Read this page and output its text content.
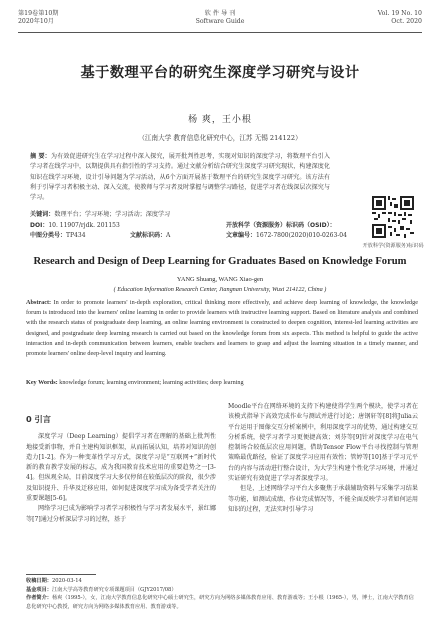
第19卷第10期
2020年10月
软 件 导 刊
Software Guide
Vol. 19 No. 10
Oct. 2020
基于数理平台的研究生深度学习研究与设计
杨 爽，王小根
（江南大学 教育信息化研究中心，江苏 无锡 214122）
摘 要：为有效促进研究生在学习过程中深入探究，展开批判性思考，实现对知识的深度学习，将数理平台引入学习者在线学习中，以期提供具有指引性的学习支持。通过文献分析结合研究生深度学习研究现状，构建深度化知识在线学习环境，设计引导问题为学习活动，从6个方面开展基于数理平台的研究生深度学习研究。该方法有利于引导学习者积极主动、深入交流，使教师与学习者及时掌握与调整学习路径，促进学习者在线深层次探究与学习。
关键词：数理平台；学习环境；学习活动；深度学习
DOI：10. 11907/rjdk. 201153	开放科学（资源服务）标识码（OSID）：
中图分类号：TP434	文献标识码：A	文章编号：1672-7800(2020)010-0263-04
开放科学(资源服务)标识码
Research and Design of Deep Learning for Graduates Based on Knowledge Forum
YANG Shuang, WANG Xiao-gen
( Education Information Research Center, Jiangnan University, Wuxi 214122, China )
Abstract: In order to promote learners' in-depth exploration, critical thinking more effectively, and achieve deep learning of knowledge, the knowledge forum is introduced into the learners' online learning in order to provide learners with instructive learning support. Based on literature analysis and combined with the research status of postgraduate deep learning, an online learning environment is constructed to deepen cognition, interest-led learning activities are designed, and postgraduate deep learning research is carried out based on the knowledge forum from six aspects. This method is helpful to guide the active interaction and in-depth communication between learners, enable teachers and learners to grasp and adjust the learning situation in a timely manner, and promote learners' online deep-level inquiry and learning.
Key Words: knowledge forum; learning environment; learning activities; deep learning
0 引言

深度学习（Deep Learning）提倡学习者在理解的基础上批判性地接受新事物，并自主建构知识框架，从而拓展认知，培养对知识的创造力[1-2]。作为一种变革性学习方式，深度学习是“互联网+”新时代新的教育教学发展的标志，成为我国教育技术应用的重要趋势之一[3-4]。但纵观全局，目前深度学习大多仅停留在较低层次的阶段，很少涉及知识提升、升华及迁移应用，如何促进深度学习成为备受学者关注的重要课题[5-6]。

网络学习已成为影响学习者学习积极性与学习者发展水平，景红娜等[7]通过分析深层学习的过程，基于

Moodle平台在网络环境的支持下构建使得学生两个模块，使学习者在该模式指导下高效完成作业与测试并进行讨论；唐钢轩等[8]将Julia云平台运用于图像交互分析案例中，利用深度学习的优势，通过构建交互分析系统，使学习者学习更便捷高效；刘芬等[9]针对深度学习在电气控制场合较低层次应用问题，借助Tensor Flow平台寻找控制与管理策略最优路径，验证了深度学习应用有效性；管婷等[10]基于学习元平台的内容与活动进行整合设计，为大学生构建个性化学习环境，并通过实证研究有效促进了学习者深度学习。

但是，上述网络学习平台大多聚焦于承载辅助资料与采集学习结果等功能，如测试成绩、作业完成情况等，不能全面反映学习者如何运用知识的过程，无法实时引导学习

收稿日期：2020-03-14
基金项目：江南大学高等教育研究专项课题项目（GJY2017/08）
作者简介：杨爽（1995-），女，江南大学教育信息化研究中心硕士研究生，研究方向为网络多媒体教育应用、教育游戏等；王小根（1965-），男，博士，江南大学教育信息化研究中心教授，研究方向为网络多媒体教育应用、教育游戏等。
